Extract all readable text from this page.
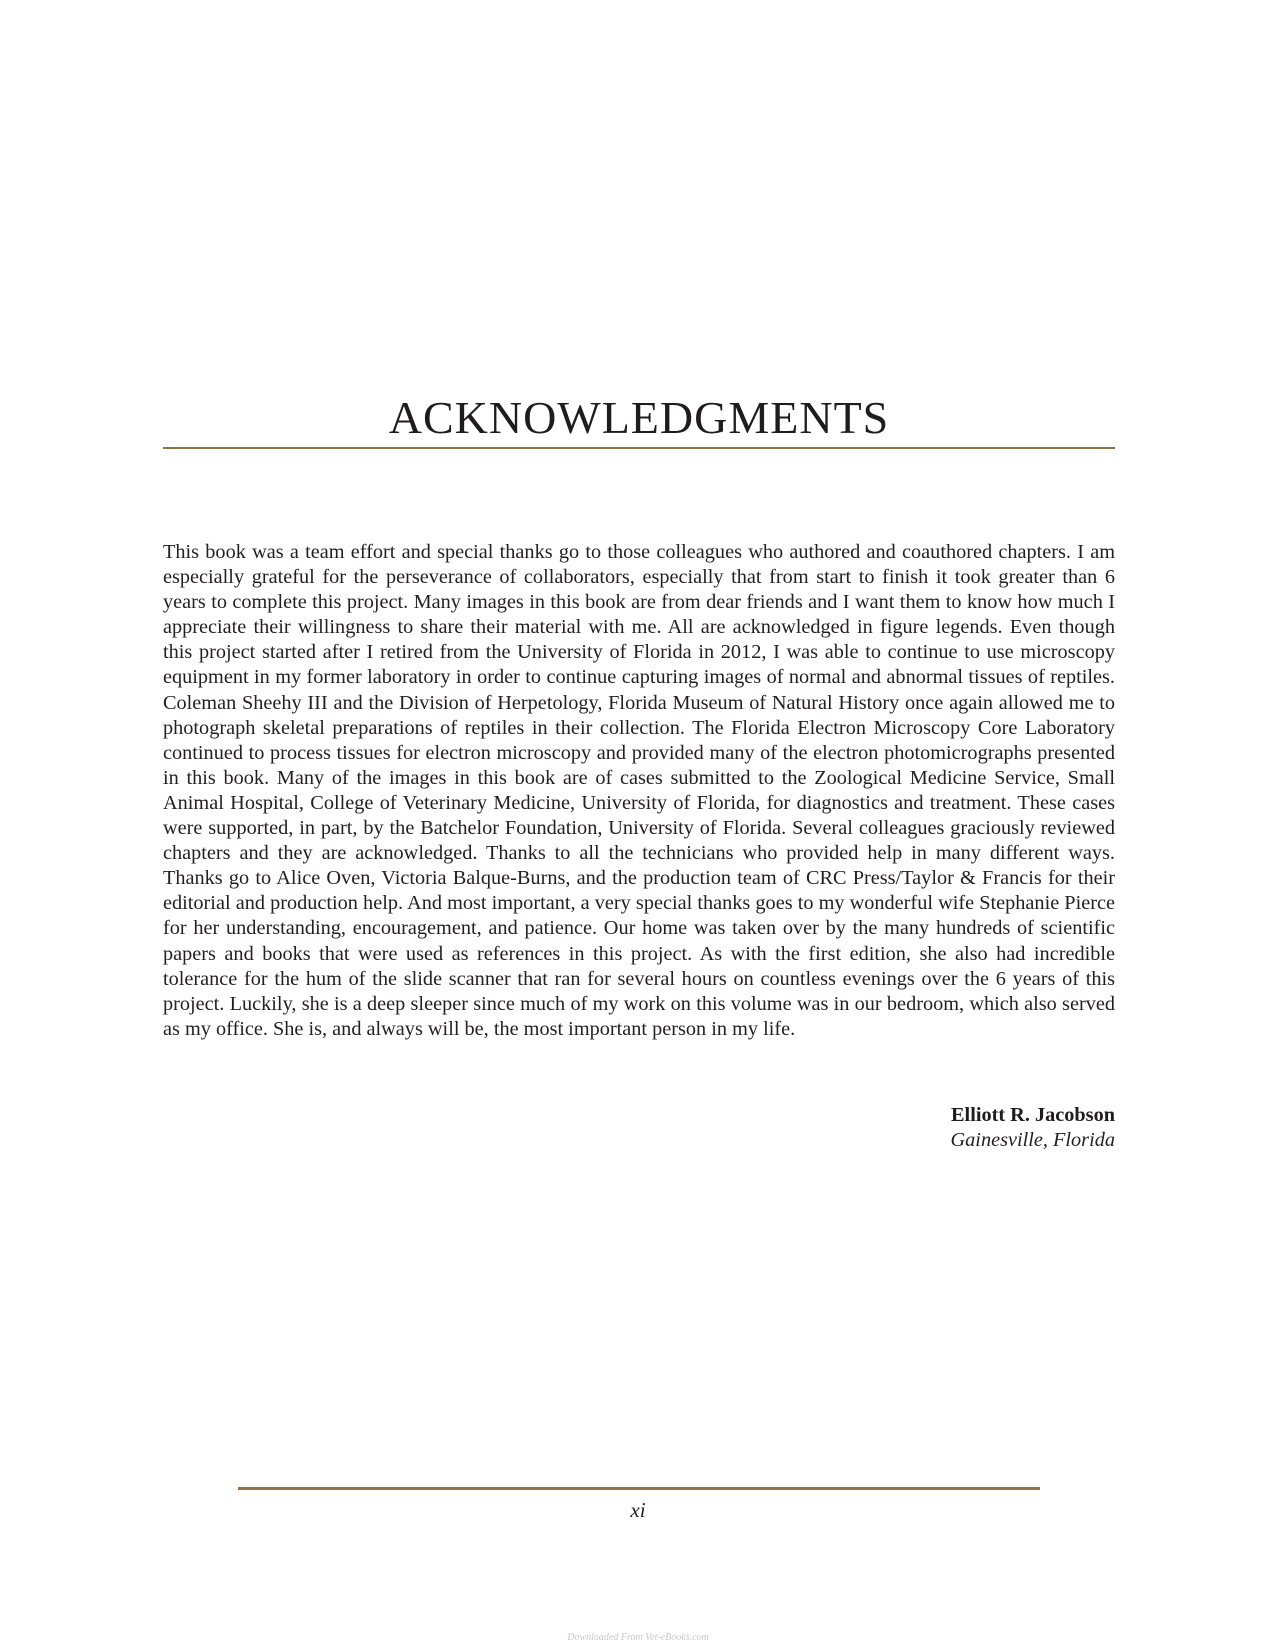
ACKNOWLEDGMENTS

This book was a team effort and special thanks go to those colleagues who authored and coauthored chapters. I am especially grateful for the perseverance of collaborators, especially that from start to finish it took greater than 6 years to complete this project. Many images in this book are from dear friends and I want them to know how much I appreciate their willingness to share their material with me. All are acknowledged in figure legends. Even though this project started after I retired from the University of Florida in 2012, I was able to continue to use microscopy equipment in my former laboratory in order to continue capturing images of normal and abnormal tissues of reptiles. Coleman Sheehy III and the Division of Herpetology, Florida Museum of Natural History once again allowed me to photograph skeletal preparations of reptiles in their collection. The Florida Electron Microscopy Core Laboratory continued to process tissues for electron microscopy and provided many of the electron photomicrographs presented in this book. Many of the images in this book are of cases submitted to the Zoological Medicine Service, Small Animal Hospital, College of Veterinary Medicine, University of Florida, for diagnostics and treatment. These cases were supported, in part, by the Batchelor Foundation, University of Florida. Several colleagues graciously reviewed chapters and they are acknowledged. Thanks to all the technicians who provided help in many different ways. Thanks go to Alice Oven, Victoria Balque-Burns, and the production team of CRC Press/Taylor & Francis for their editorial and production help. And most important, a very special thanks goes to my wonderful wife Stephanie Pierce for her understanding, encouragement, and patience. Our home was taken over by the many hundreds of scientific papers and books that were used as references in this project. As with the first edition, she also had incredible tolerance for the hum of the slide scanner that ran for several hours on countless evenings over the 6 years of this project. Luckily, she is a deep sleeper since much of my work on this volume was in our bedroom, which also served as my office. She is, and always will be, the most important person in my life.

Elliott R. Jacobson
Gainesville, Florida
xi
Downloaded From Vet-eBooks.com
